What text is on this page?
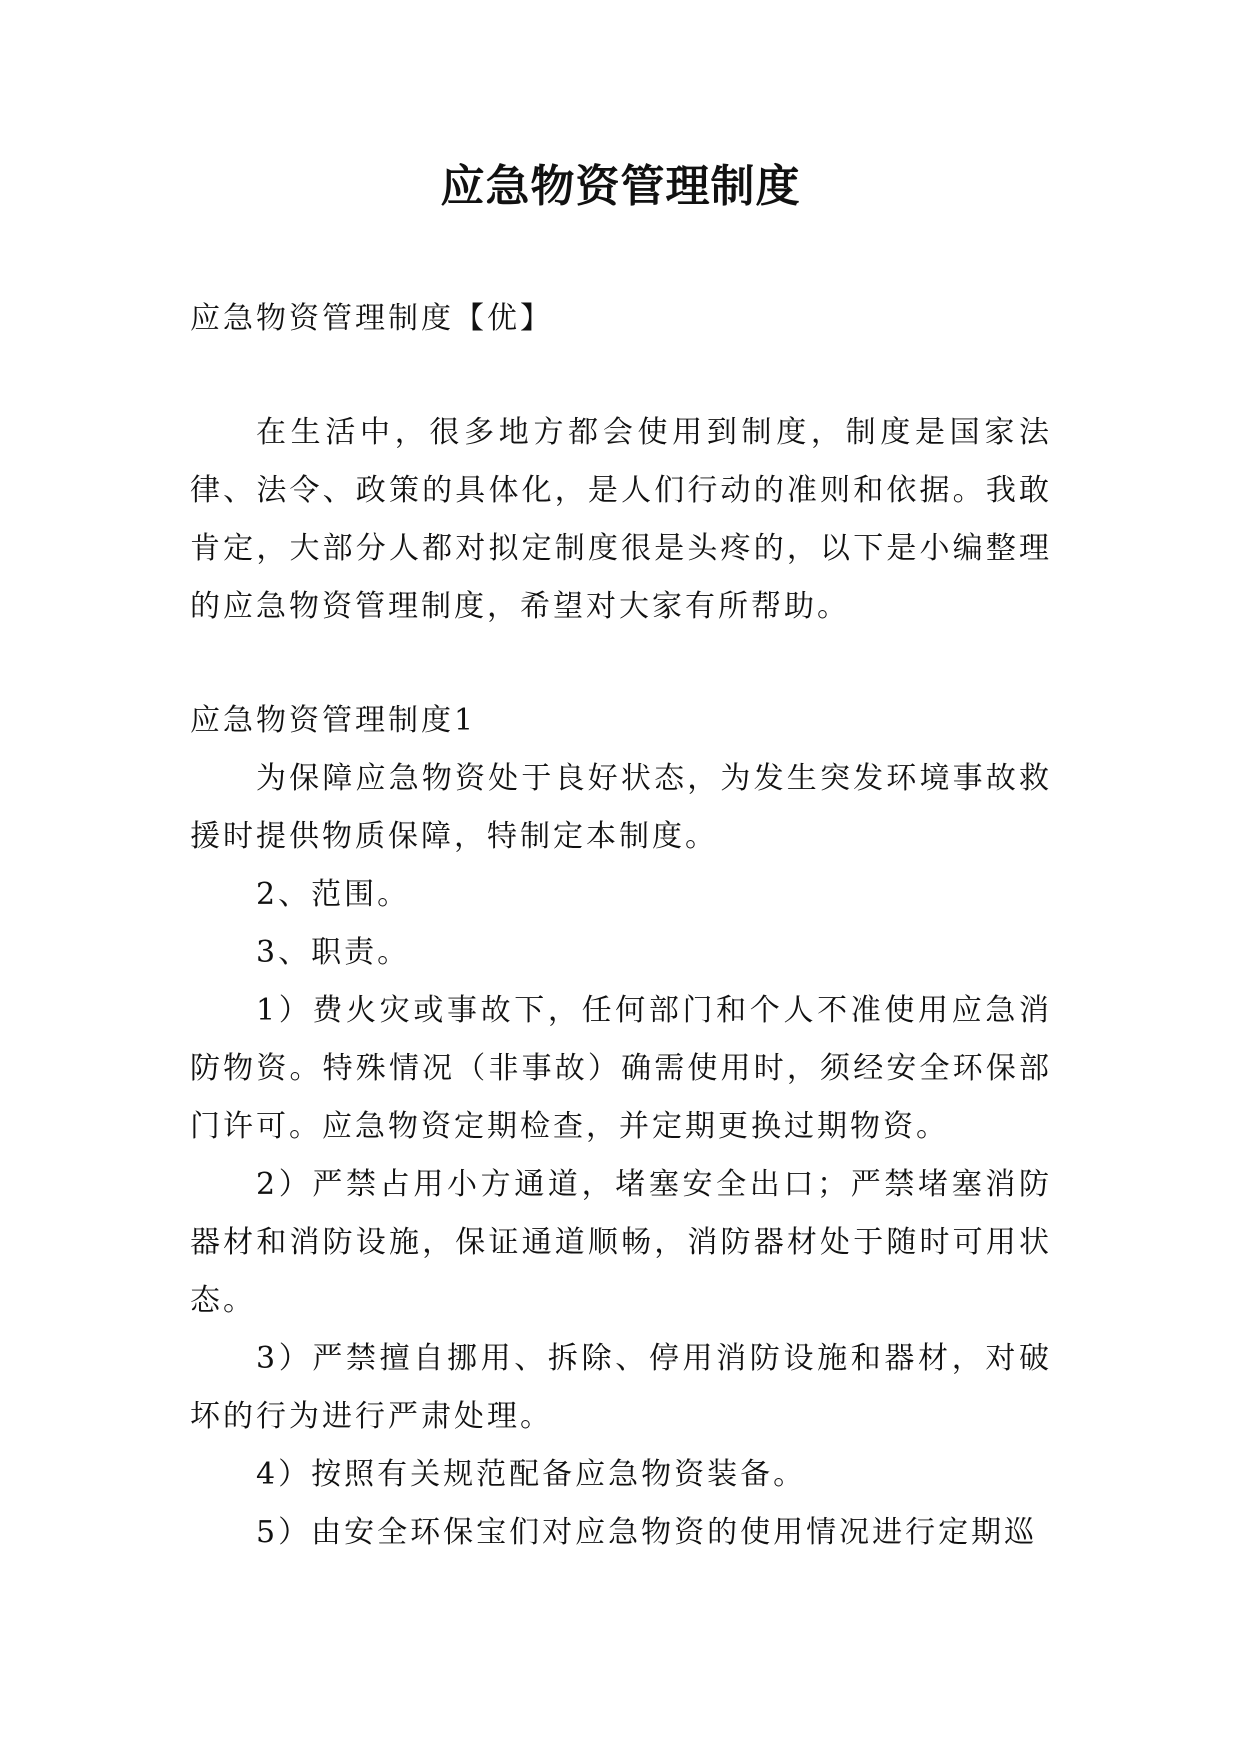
应急物资管理制度

应急物资管理制度【优】

在生活中，很多地方都会使用到制度，制度是国家法律、法令、政策的具体化，是人们行动的准则和依据。我敢肯定，大部分人都对拟定制度很是头疼的，以下是小编整理的应急物资管理制度，希望对大家有所帮助。

应急物资管理制度1

为保障应急物资处于良好状态，为发生突发环境事故救援时提供物质保障，特制定本制度。

2、范围。

3、职责。

1）费火灾或事故下，任何部门和个人不准使用应急消防物资。特殊情况（非事故）确需使用时，须经安全环保部门许可。应急物资定期检查，并定期更换过期物资。

2）严禁占用小方通道，堵塞安全出口；严禁堵塞消防器材和消防设施，保证通道顺畅，消防器材处于随时可用状态。

3）严禁擅自挪用、拆除、停用消防设施和器材，对破坏的行为进行严肃处理。

4）按照有关规范配备应急物资装备。

5）由安全环保宝们对应急物资的使用情况进行定期巡
